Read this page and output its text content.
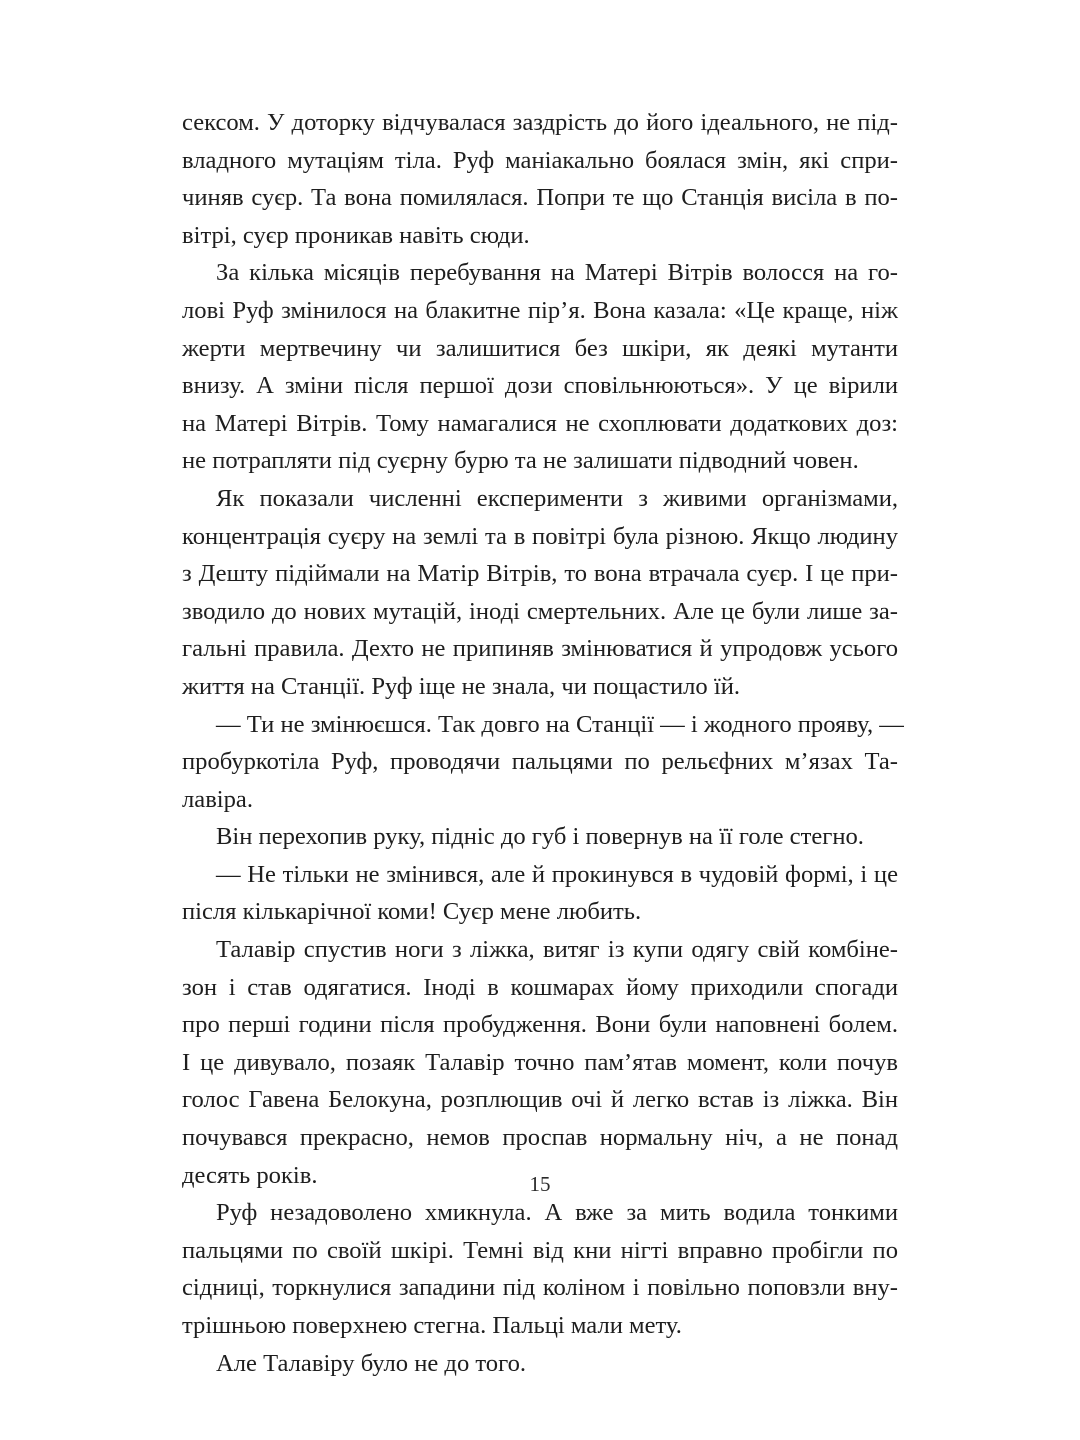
сексом. У доторку відчувалася заздрість до його ідеального, не під-
владного мутаціям тіла. Руф маніакально боялася змін, які спри-
чиняв суєр. Та вона помилялася. Попри те що Станція висіла в по-
вітрі, суєр проникав навіть сюди.
За кілька місяців перебування на Матері Вітрів волосся на го-
лові Руф змінилося на блакитне пір’я. Вона казала: «Це краще, ніж
жерти мертвечину чи залишитися без шкіри, як деякі мутанти
внизу. А зміни після першої дози сповільнюються». У це вірили
на Матері Вітрів. Тому намагалися не схоплювати додаткових доз:
не потрапляти під суєрну бурю та не залишати підводний човен.
Як показали численні експерименти з живими організмами,
концентрація суєру на землі та в повітрі була різною. Якщо людину
з Дешту підіймали на Матір Вітрів, то вона втрачала суєр. І це при-
зводило до нових мутацій, іноді смертельних. Але це були лише за-
гальні правила. Дехто не припиняв змінюватися й упродовж усього
життя на Станції. Руф іще не знала, чи пощастило їй.
— Ти не змінюєшся. Так довго на Станції — і жодного прояву, —
пробуркотіла Руф, проводячи пальцями по рельєфних м’язах Та-
лавіра.
Він перехопив руку, підніс до губ і повернув на її голе стегно.
— Не тільки не змінився, але й прокинувся в чудовій формі, і це
після кількарічної коми! Суєр мене любить.
Талавір спустив ноги з ліжка, витяг із купи одягу свій комбіне-
зон і став одягатися. Іноді в кошмарах йому приходили спогади
про перші години після пробудження. Вони були наповнені болем.
І це дивувало, позаяк Талавір точно пам’ятав момент, коли почув
голос Гавена Белокуна, розплющив очі й легко встав із ліжка. Він
почувався прекрасно, немов проспав нормальну ніч, а не понад
десять років.
Руф незадоволено хмикнула. А вже за мить водила тонкими
пальцями по своїй шкірі. Темні від кни нігті вправно пробігли по
сідниці, торкнулися западини під коліном і повільно поповзли вну-
трішньою поверхнею стегна. Пальці мали мету.
Але Талавіру було не до того.
15
